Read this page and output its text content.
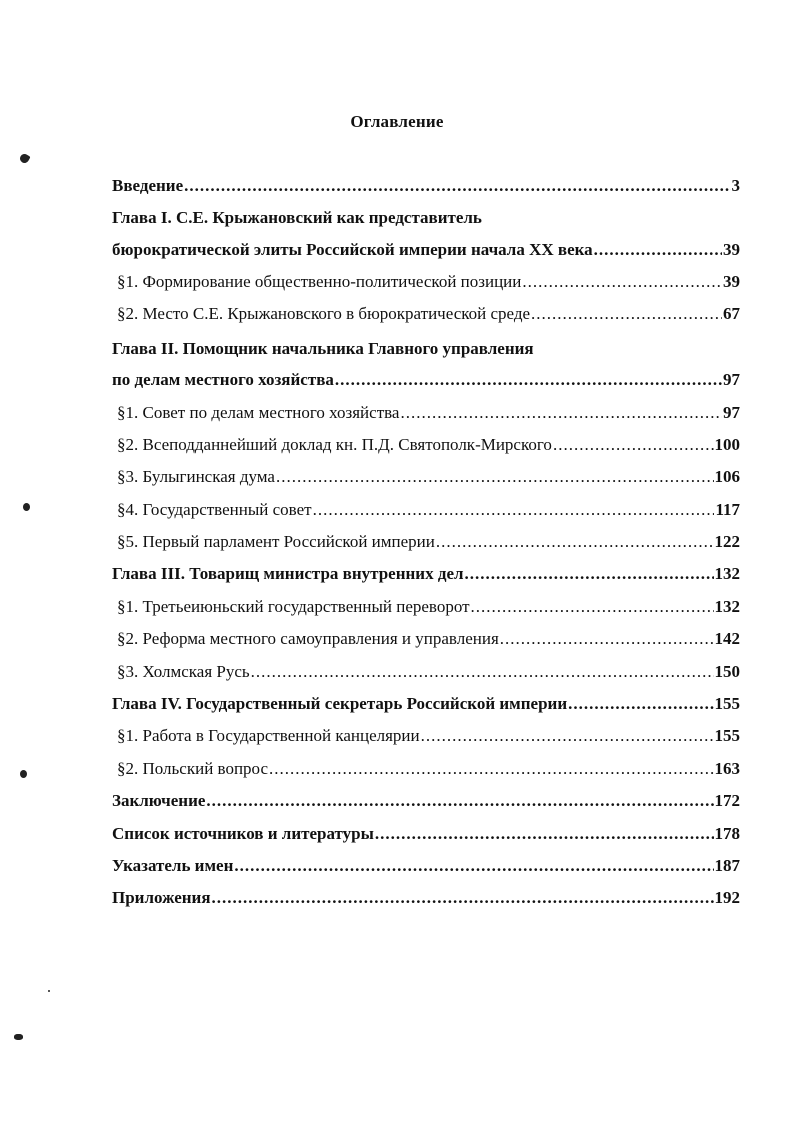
Оглавление
Введение .....	3
Глава I. С.Е. Крыжановский как представитель
бюрократической элиты Российской империи начала XX века .....	39
§1. Формирование общественно-политической позиции .....	39
§2. Место С.Е. Крыжановского в бюрократической среде .....	67
Глава II. Помощник начальника Главного управления
по делам местного хозяйства .....	97
§1. Совет по делам местного хозяйства .....	97
§2. Всеподданнейший доклад кн. П.Д. Святополк-Мирского .....	100
§3. Булыгинская дума .....	106
§4. Государственный совет .....	117
§5. Первый парламент Российской империи .....	122
Глава III. Товарищ министра внутренних дел .....	132
§1. Третьеиюньский государственный переворот .....	132
§2. Реформа местного самоуправления и управления .....	142
§3. Холмская Русь .....	150
Глава IV. Государственный секретарь Российской империи .....	155
§1. Работа в Государственной канцелярии .....	155
§2. Польский вопрос .....	163
Заключение .....	172
Список источников и литературы .....	178
Указатель имен .....	187
Приложения .....	192
